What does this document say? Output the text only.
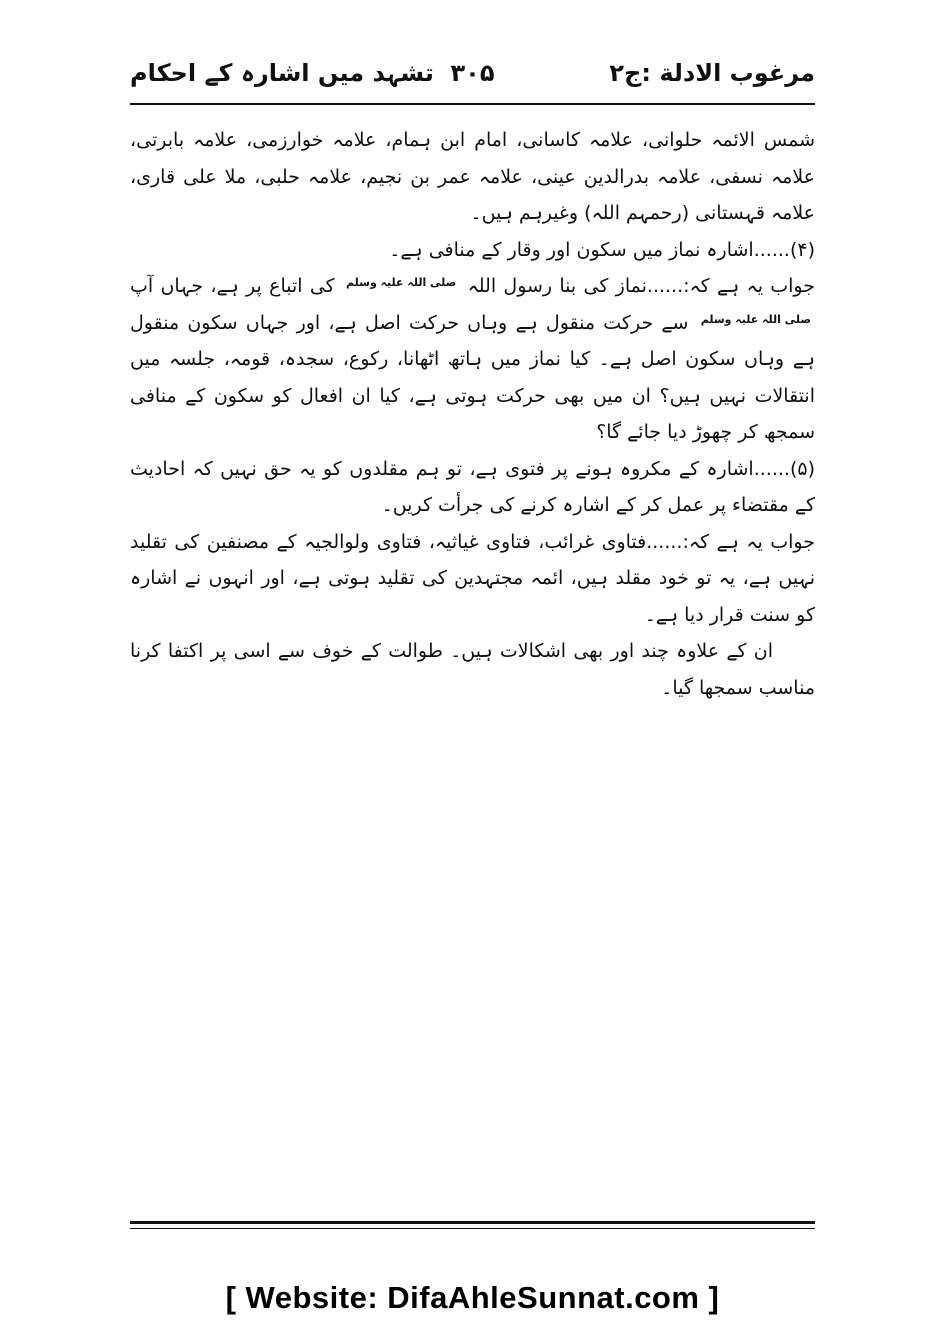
مرغوب الادلة :ج۲
۳۰۵
تشہد میں اشارہ کے احکام

شمس الائمہ حلوانی، علامہ کاسانی، امام ابن ہمام، علامہ خوارزمی، علامہ بابرتی، علامہ نسفی، علامہ بدرالدین عینی، علامہ عمر بن نجیم، علامہ حلبی، ملا علی قاری، علامہ قہستانی (رحمہم اللہ) وغیرہم ہیں۔

(۴)......اشارہ نماز میں سکون اور وقار کے منافی ہے۔

جواب یہ ہے کہ:......نماز کی بنا رسول اللہ صلی اللہ علیہ وسلم کی اتباع پر ہے، جہاں آپ صلی اللہ علیہ وسلم سے حرکت منقول ہے وہاں حرکت اصل ہے، اور جہاں سکون منقول ہے وہاں سکون اصل ہے۔ کیا نماز میں ہاتھ اٹھانا، رکوع، سجدہ، قومہ، جلسہ میں انتقالات نہیں ہیں؟ ان میں بھی حرکت ہوتی ہے، کیا ان افعال کو سکون کے منافی سمجھ کر چھوڑ دیا جائے گا؟

(۵)......اشارہ کے مکروہ ہونے پر فتوی ہے، تو ہم مقلدوں کو یہ حق نہیں کہ احادیث کے مقتضاء پر عمل کر کے اشارہ کرنے کی جرأت کریں۔

جواب یہ ہے کہ:......فتاوی غرائب، فتاوی غیاثیہ، فتاوی ولوالجیہ کے مصنفین کی تقلید نہیں ہے، یہ تو خود مقلد ہیں، ائمہ مجتہدین کی تقلید ہوتی ہے، اور انہوں نے اشارہ کو سنت قرار دیا ہے۔

ان کے علاوہ چند اور بھی اشکالات ہیں۔ طوالت کے خوف سے اسی پر اکتفا کرنا مناسب سمجھا گیا۔

[ Website: DifaAhleSunnat.com ]
